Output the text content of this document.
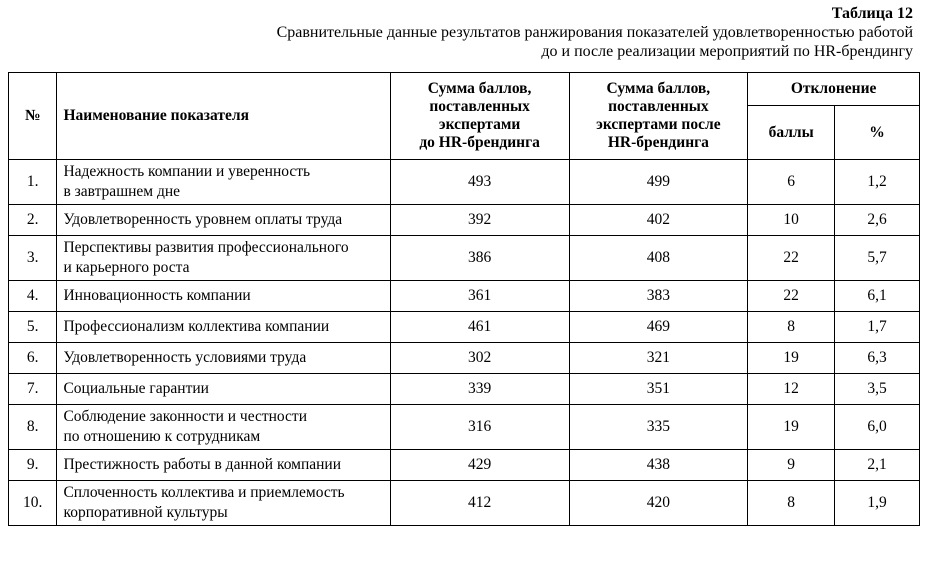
Таблица 12
Сравнительные данные результатов ранжирования показателей удовлетворенностью работой
до и после реализации мероприятий по HR-брендингу
№	Наименование показателя	Сумма баллов,
поставленных
экспертами
до HR-брендинга	Сумма баллов,
поставленных
экспертами после
HR-брендинга	Отклонение	
				баллы	%
1.	Надежность компании и уверенность
в завтрашнем дне	493	499	6	1,2
2.	Удовлетворенность уровнем оплаты труда	392	402	10	2,6
3.	Перспективы развития профессионального
и карьерного роста	386	408	22	5,7
4.	Инновационность компании	361	383	22	6,1
5.	Профессионализм коллектива компании	461	469	8	1,7
6.	Удовлетворенность условиями труда	302	321	19	6,3
7.	Социальные гарантии	339	351	12	3,5
8.	Соблюдение законности и честности
по отношению к сотрудникам	316	335	19	6,0
9.	Престижность работы в данной компании	429	438	9	2,1
10.	Сплоченность коллектива и приемлемость
корпоративной культуры	412	420	8	1,9
